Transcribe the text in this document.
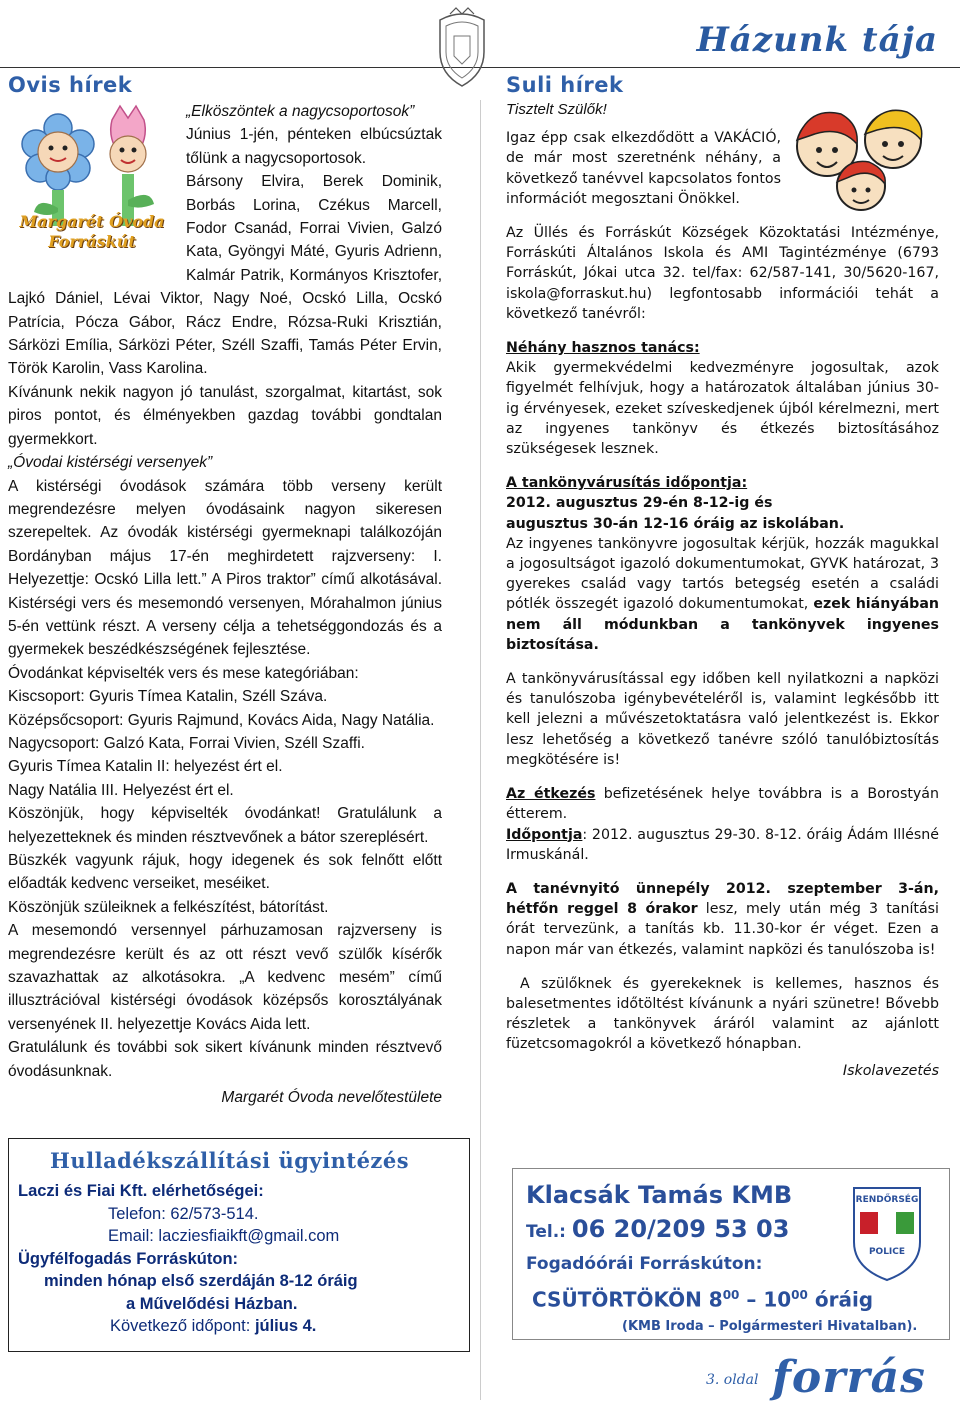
Házunk tája
Ovis hírek
Margarét Óvoda
Forráskút

„Elköszöntek a nagycsoportosok”

Június 1-jén, pénteken elbúcsúztak tőlünk a nagycsoportosok.

Bársony Elvira, Berek Dominik, Borbás Lorina, Czékus Marcell, Fodor Csanád, Forrai Vivien, Galzó Kata, Gyöngyi Máté, Gyuris Adrienn, Kalmár Patrik, Kormányos Krisztofer, Lajkó Dániel, Lévai Viktor, Nagy Noé, Ocskó Lilla, Ocskó Patrícia, Pócza Gábor, Rácz Endre, Rózsa-Ruki Krisztián, Sárközi Emília, Sárközi Péter, Széll Szaffi, Tamás Péter Ervin, Török Karolin, Vass Karolina.

Kívánunk nekik nagyon jó tanulást, szorgalmat, kitartást, sok piros pontot, és élményekben gazdag további gondtalan gyermekkort.

„Óvodai kistérségi versenyek”

A kistérségi óvodások számára több verseny került megrendezésre melyen óvodásaink nagyon sikeresen szerepeltek. Az óvodák kistérségi gyermeknapi találkozóján Bordányban május 17-én meghirdetett rajzverseny: I. Helyezettje: Ocskó Lilla lett.” A Piros traktor” című alkotásával. Kistérségi vers és mesemondó versenyen, Mórahalmon június 5-én vettünk részt. A verseny célja a tehetséggondozás és a gyermekek beszédkészségének fejlesztése.

Óvodánkat képviselték vers és mese kategóriában:

Kiscsoport: Gyuris Tímea Katalin, Széll Száva.

Középsőcsoport: Gyuris Rajmund, Kovács Aida, Nagy Natália.

Nagycsoport: Galzó Kata, Forrai Vivien, Széll Szaffi.

Gyuris Tímea Katalin II: helyezést ért el.

Nagy Natália III. Helyezést ért el.

Köszönjük, hogy képviselték óvodánkat! Gratulálunk a helyezetteknek és minden résztvevőnek a bátor szereplésért.

Büszkék vagyunk rájuk, hogy idegenek és sok felnőtt előtt előadták kedvenc verseiket, meséiket.

Köszönjük szüleiknek a felkészítést, bátorítást.

A mesemondó versennyel párhuzamosan rajzverseny is megrendezésre került és az ott részt vevő szülők kísérők szavazhattak az alkotásokra. „A kedvenc mesém” című illusztrációval kistérségi óvodások középsős korosztályának versenyének II. helyezettje Kovács Aida lett.

Gratulálunk és további sok sikert kívánunk minden résztvevő óvodásunknak.

Margarét Óvoda nevelőtestülete

Suli hírek

Tisztelt Szülők!

Igaz épp csak elkezdődött a VAKÁCIÓ, de már most szeretnénk néhány, a következő tanévvel kapcsolatos fontos információt megosztani Önökkel.

Az Üllés és Forráskút Községek Közoktatási Intézménye, Forráskúti Általános Iskola és AMI Tagintézménye (6793 Forráskút, Jókai utca 32. tel/fax: 62/587-141, 30/5620-167, iskola@forraskut.hu) legfontosabb információi tehát a következő tanévről:

Néhány hasznos tanács:

Akik gyermekvédelmi kedvezményre jogosultak, azok figyelmét felhívjuk, hogy a határozatok általában június 30-ig érvényesek, ezeket szíveskedjenek újból kérelmezni, mert az ingyenes tankönyv és étkezés biztosításához szükségesek lesznek.

A tankönyvárusítás időpontja:

2012. augusztus 29-én 8-12-ig és

augusztus 30-án 12-16 óráig az iskolában.

Az ingyenes tankönyvre jogosultak kérjük, hozzák magukkal a jogosultságot igazoló dokumentumokat, GYVK határozat, 3 gyerekes család vagy tartós betegség esetén a családi pótlék összegét igazoló dokumentumokat, ezek hiányában nem áll módunkban a tankönyvek ingyenes biztosítása.

A tankönyvárusítással egy időben kell nyilatkozni a napközi és tanulószoba igénybevételéről is, valamint legkésőbb itt kell jelezni a művészetoktatásra való jelentkezést is. Ekkor lesz lehetőség a következő tanévre szóló tanulóbiztosítás megkötésére is!

Az étkezés befizetésének helye továbbra is a Borostyán étterem.

Időpontja: 2012. augusztus 29-30. 8-12. óráig Ádám Illésné Irmuskánál.

A tanévnyitó ünnepély 2012. szeptember 3-án, hétfőn reggel 8 órakor lesz, mely után még 3 tanítási órát tervezünk, a tanítás kb. 11.30-kor ér véget. Ezen a napon már van étkezés, valamint napközi és tanulószoba is!

A szülőknek és gyerekeknek is kellemes, hasznos és balesetmentes időtöltést kívánunk a nyári szünetre! Bővebb részletek a tankönyvek áráról valamint az ajánlott füzetcsomagokról a következő hónapban.

Iskolavezetés

Hulladékszállítási ügyintézés
Laczi és Fiai Kft. elérhetőségei:
Telefon: 62/573-514.
Email: lacziesfiaikft@gmail.com
Ügyfélfogadás Forráskúton:
minden hónap első szerdáján 8-12 óráig
a Művelődési Házban.
Következő időpont: július 4.
Klacsák Tamás KMB
Tel.: 06 20/209 53 03
Fogadóórái Forráskúton:
CSÜTÖRTÖKÖN $8^{00} - 10^{00}$ óráig
(KMB Iroda – Polgármesteri Hivatalban).
RENDŐRSÉG
POLICE
3. oldal forrás
